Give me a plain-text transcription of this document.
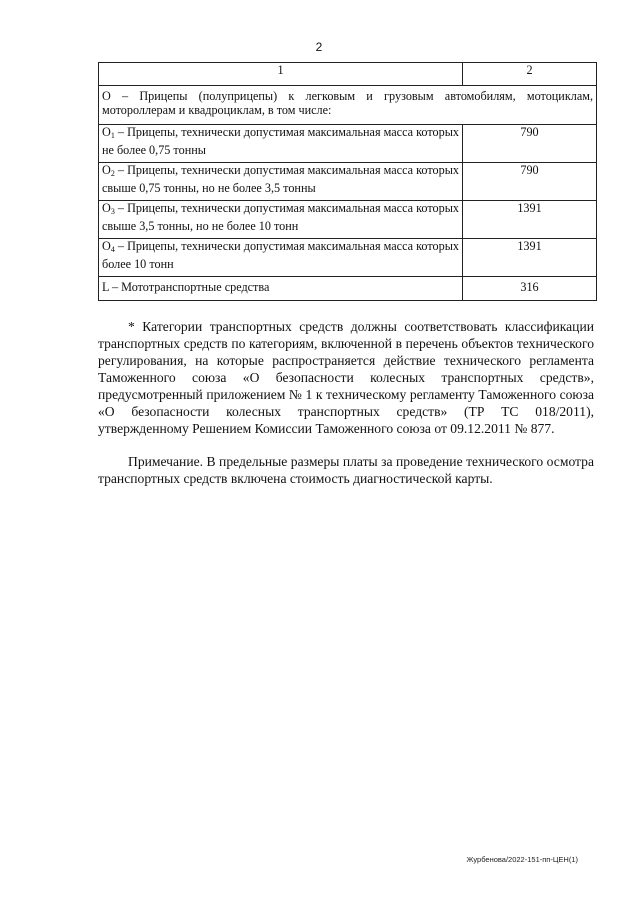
2
1	2
О – Прицепы (полуприцепы) к легковым и грузовым автомобилям, мотоциклам, мотороллерам и квадроциклам, в том числе:	
$О_1$ – Прицепы, технически допустимая максимальная масса которых не более 0,75 тонны	790
$О_2$ – Прицепы, технически допустимая максимальная масса которых свыше 0,75 тонны, но не более 3,5 тонны	790
$О_3$ – Прицепы, технически допустимая максимальная масса которых свыше 3,5 тонны, но не более 10 тонн	1391
$О_4$ – Прицепы, технически допустимая максимальная масса которых более 10 тонн	1391
L – Мототранспортные средства	316

* Категории транспортных средств должны соответствовать классификации транспортных средств по категориям, включенной в перечень объектов технического регулирования, на которые распространяется действие технического регламента Таможенного союза «О безопасности колесных транспортных средств», предусмотренный приложением № 1 к техническому регламенту Таможенного союза «О безопасности колесных транспортных средств» (ТР ТС 018/2011), утвержденному Решением Комиссии Таможенного союза от 09.12.2011 № 877.

Примечание. В предельные размеры платы за проведение технического осмотра транспортных средств включена стоимость диагностической карты.

Журбенова/2022-151-пп-ЦЕН(1)
